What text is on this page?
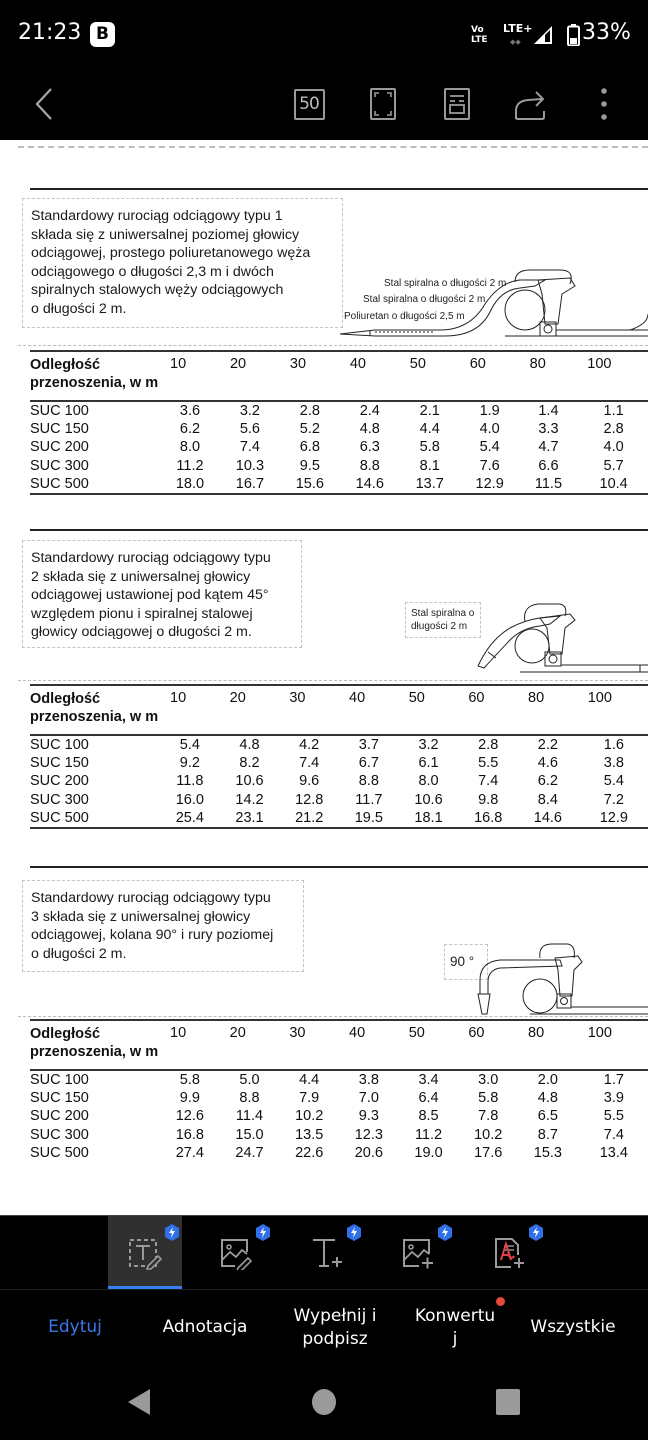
21:23 B	Vo
LTE
LTE+
◆◆	33%
50
Standardowy rurociąg odciągowy typu 1
składa się z uniwersalnej poziomej głowicy
odciągowej, prostego poliuretanowego węża
odciągowego o długości 2,3 m i dwóch
spiralnych stalowych węży odciągowych
o długości 2 m.
Stal spiralna o długości 2 m
Stal spiralna o długości 2 m
Poliuretan o długości 2,5 m
Odległość
przenoszenia, w m	10	20	30	40	50	60	80	100
SUC 100	3.6	3.2	2.8	2.4	2.1	1.9	1.4	1.1
SUC 150	6.2	5.6	5.2	4.8	4.4	4.0	3.3	2.8
SUC 200	8.0	7.4	6.8	6.3	5.8	5.4	4.7	4.0
SUC 300	11.2	10.3	9.5	8.8	8.1	7.6	6.6	5.7
SUC 500	18.0	16.7	15.6	14.6	13.7	12.9	11.5	10.4
Standardowy rurociąg odciągowy typu
2 składa się z uniwersalnej głowicy
odciągowej ustawionej pod kątem 45°
względem pionu i spiralnej stalowej
głowicy odciągowej o długości 2 m.
Stal spiralna o
długości 2 m
Odległość
przenoszenia, w m	10	20	30	40	50	60	80	100
SUC 100	5.4	4.8	4.2	3.7	3.2	2.8	2.2	1.6
SUC 150	9.2	8.2	7.4	6.7	6.1	5.5	4.6	3.8
SUC 200	11.8	10.6	9.6	8.8	8.0	7.4	6.2	5.4
SUC 300	16.0	14.2	12.8	11.7	10.6	9.8	8.4	7.2
SUC 500	25.4	23.1	21.2	19.5	18.1	16.8	14.6	12.9
Standardowy rurociąg odciągowy typu
3 składa się z uniwersalnej głowicy
odciągowej, kolana 90° i rury poziomej
o długości 2 m.	90 °
Odległość
przenoszenia, w m	10	20	30	40	50	60	80	100
SUC 100	5.8	5.0	4.4	3.8	3.4	3.0	2.0	1.7
SUC 150	9.9	8.8	7.9	7.0	6.4	5.8	4.8	3.9
SUC 200	12.6	11.4	10.2	9.3	8.5	7.8	6.5	5.5
SUC 300	16.8	15.0	13.5	12.3	11.2	10.2	8.7	7.4
SUC 500	27.4	24.7	22.6	20.6	19.0	17.6	15.3	13.4
Edytuj	Adnotacja
Wypełnij i
podpisz
Konwertu
j
Wszystkie
